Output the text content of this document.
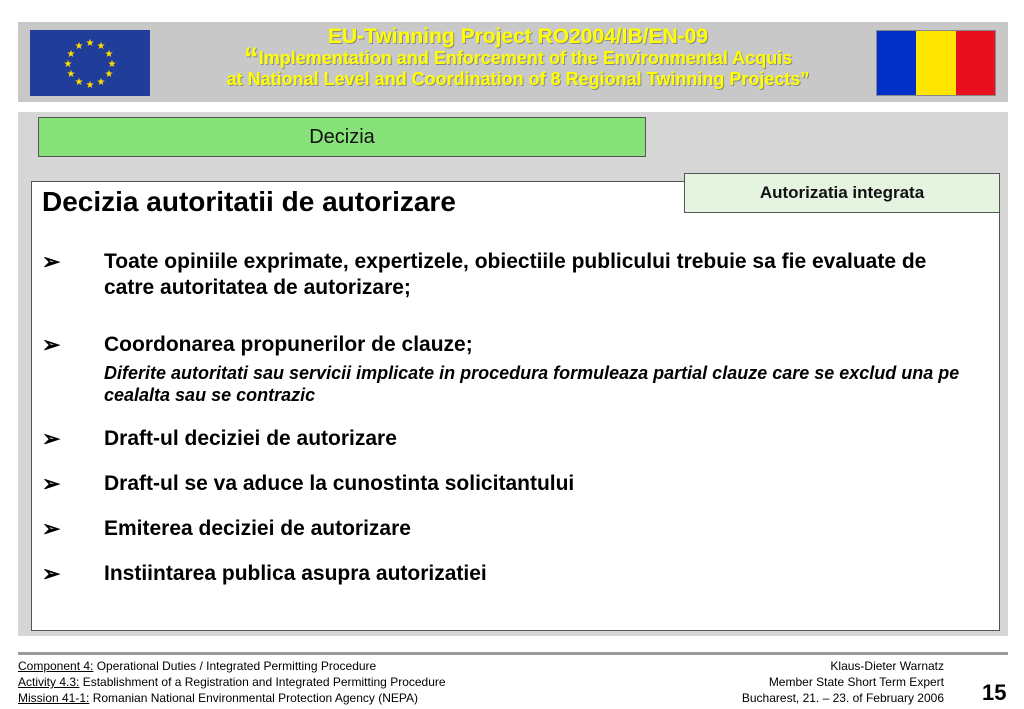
★ ★
★
★
★
★
★
★
★
★
★
★	EU-Twinning Project RO2004/IB/EN-09
“Implementation and Enforcement of the Environmental Acquis
at National Level and Coordination of 8 Regional Twinning Projects”
Decizia
Autorizatia integrata
Decizia autoritatii de autorizare
➢ Toate opiniile exprimate, expertizele, obiectiile publicului trebuie sa fie evaluate de catre autoritatea de autorizare;
➢ Coordonarea propunerilor de clauze;
Diferite autoritati sau servicii implicate in procedura formuleaza partial clauze care se exclud una pe cealalta sau se contrazic
➢ Draft-ul deciziei de autorizare
➢ Draft-ul se va aduce la cunostinta solicitantului
➢ Emiterea deciziei de autorizare
➢ Instiintarea publica asupra autorizatiei
Component 4: Operational Duties / Integrated Permitting Procedure
Activity 4.3: Establishment of a Registration and Integrated Permitting Procedure
Mission 41-1: Romanian National Environmental Protection Agency (NEPA)
Klaus-Dieter Warnatz
Member State Short Term Expert
Bucharest, 21. – 23. of February 2006 15
